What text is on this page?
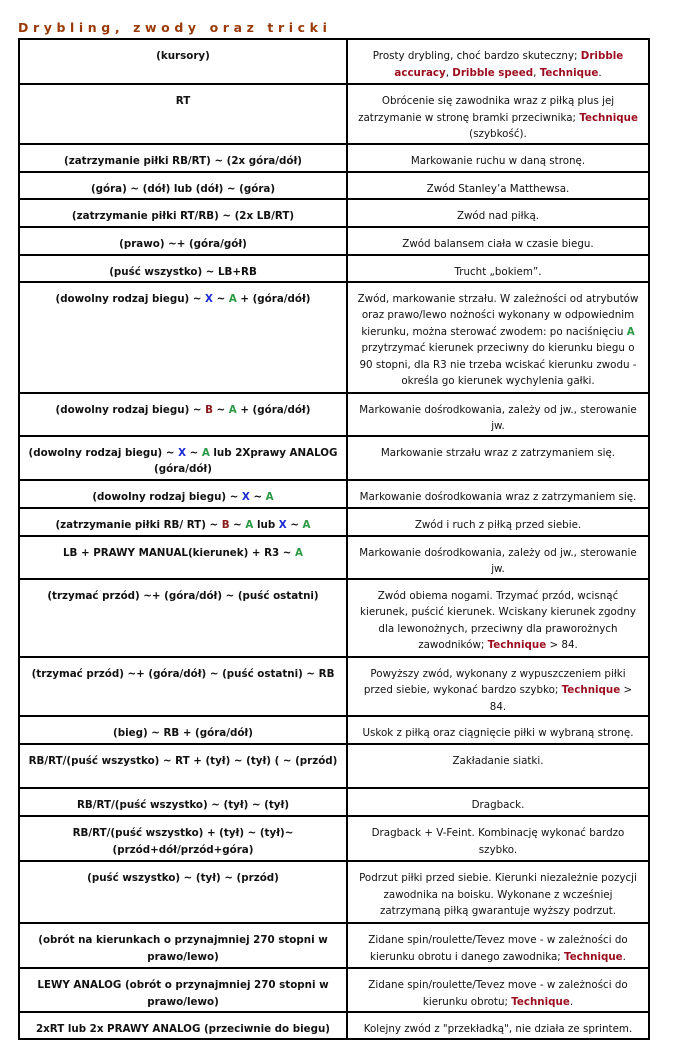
Drybling, zwody oraz tricki
(kursory)	Prosty drybling, choć bardzo skuteczny; Dribble accuracy, Dribble speed, Technique.
RT	Obrócenie się zawodnika wraz z piłką plus jej zatrzymanie w stronę bramki przeciwnika; Technique (szybkość).
(zatrzymanie piłki RB/RT) ~ (2x góra/dół)	Markowanie ruchu w daną stronę.
(góra) ~ (dół) lub (dół) ~ (góra)	Zwód Stanley’a Matthewsa.
(zatrzymanie piłki RT/RB) ~ (2x LB/RT)	Zwód nad piłką.
(prawo) ~+ (góra/gół)	Zwód balansem ciała w czasie biegu.
(puść wszystko) ~ LB+RB	Trucht „bokiem”.
(dowolny rodzaj biegu) ~ X ~ A + (góra/dół)	Zwód, markowanie strzału. W zależności od atrybutów oraz prawo/lewo nożności wykonany w odpowiednim kierunku, można sterować zwodem: po naciśnięciu A przytrzymać kierunek przeciwny do kierunku biegu o 90 stopni, dla R3 nie trzeba wciskać kierunku zwodu - określa go kierunek wychylenia gałki.
(dowolny rodzaj biegu) ~ B ~ A + (góra/dół)	Markowanie dośrodkowania, zależy od jw., sterowanie jw.
(dowolny rodzaj biegu) ~ X ~ A lub 2Xprawy ANALOG (góra/dół)	Markowanie strzału wraz z zatrzymaniem się.
(dowolny rodzaj biegu) ~ X ~ A	Markowanie dośrodkowania wraz z zatrzymaniem się.
(zatrzymanie piłki RB/ RT) ~ B ~ A lub X ~ A	Zwód i ruch z piłką przed siebie.
LB + PRAWY MANUAL(kierunek) + R3 ~ A	Markowanie dośrodkowania, zależy od jw., sterowanie jw.
(trzymać przód) ~+ (góra/dół) ~ (puść ostatni)	Zwód obiema nogami. Trzymać przód, wcisnąć kierunek, puścić kierunek. Wciskany kierunek zgodny dla lewonożnych, przeciwny dla praworożnych zawodników; Technique > 84.
(trzymać przód) ~+ (góra/dół) ~ (puść ostatni) ~ RB	Powyższy zwód, wykonany z wypuszczeniem piłki przed siebie, wykonać bardzo szybko; Technique > 84.
(bieg) ~ RB + (góra/dół)	Uskok z piłką oraz ciągnięcie piłki w wybraną stronę.
RB/RT/(puść wszystko) ~ RT + (tył) ~ (tył) ( ~ (przód)	Zakładanie siatki.
RB/RT/(puść wszystko) ~ (tył) ~ (tył)	Dragback.
RB/RT/(puść wszystko) + (tył) ~ (tył)~ (przód+dół/przód+góra)	Dragback + V-Feint. Kombinację wykonać bardzo szybko.
(puść wszystko) ~ (tył) ~ (przód)	Podrzut piłki przed siebie. Kierunki niezależnie pozycji zawodnika na boisku. Wykonane z wcześniej zatrzymaną piłką gwarantuje wyższy podrzut.
(obrót na kierunkach o przynajmniej 270 stopni w prawo/lewo)	Zidane spin/roulette/Tevez move - w zależności do kierunku obrotu i danego zawodnika; Technique.
LEWY ANALOG (obrót o przynajmniej 270 stopni w prawo/lewo)	Zidane spin/roulette/Tevez move - w zależności do kierunku obrotu; Technique.
2xRT lub 2x PRAWY ANALOG (przeciwnie do biegu)	Kolejny zwód z "przekładką", nie działa ze sprintem.
